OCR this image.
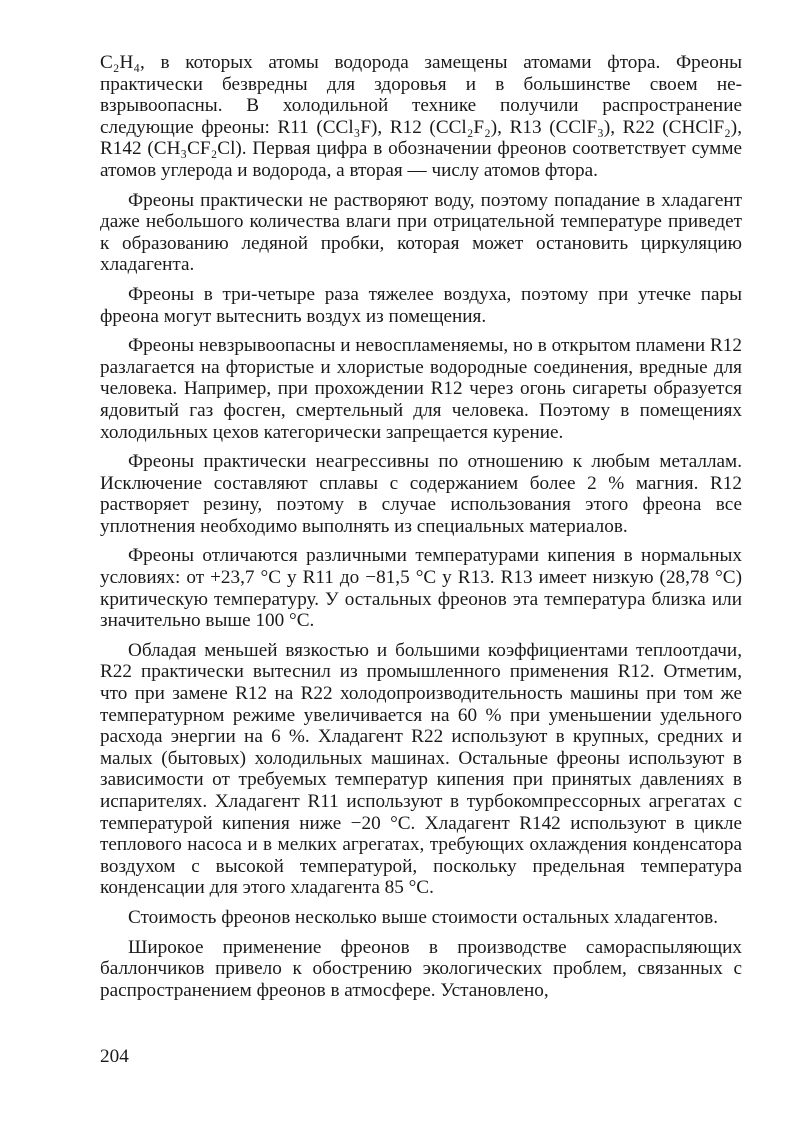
C₂H₄, в которых атомы водорода замещены атомами фтора. Фреоны практически безвредны для здоровья и в большинстве своем невзрывоопасны. В холодильной технике получили распространение следующие фреоны: R11 (CCl₃F), R12 (CCl₂F₂), R13 (CClF₃), R22 (CHClF₂), R142 (CH₃CF₂Cl). Первая цифра в обозначении фреонов соответствует сумме атомов углерода и водорода, а вторая — числу атомов фтора.

Фреоны практически не растворяют воду, поэтому попадание в хладагент даже небольшого количества влаги при отрицательной температуре приведет к образованию ледяной пробки, которая может остановить циркуляцию хладагента.

Фреоны в три-четыре раза тяжелее воздуха, поэтому при утечке пары фреона могут вытеснить воздух из помещения.

Фреоны невзрывоопасны и невоспламеняемы, но в открытом пламени R12 разлагается на фтористые и хлористые водородные соединения, вредные для человека. Например, при прохождении R12 через огонь сигареты образуется ядовитый газ фосген, смертельный для человека. Поэтому в помещениях холодильных цехов категорически запрещается курение.

Фреоны практически неагрессивны по отношению к любым металлам. Исключение составляют сплавы с содержанием более 2 % магния. R12 растворяет резину, поэтому в случае использования этого фреона все уплотнения необходимо выполнять из специальных материалов.

Фреоны отличаются различными температурами кипения в нормальных условиях: от +23,7 °С у R11 до −81,5 °С у R13. R13 имеет низкую (28,78 °С) критическую температуру. У остальных фреонов эта температура близка или значительно выше 100 °С.

Обладая меньшей вязкостью и большими коэффициентами теплоотдачи, R22 практически вытеснил из промышленного применения R12. Отметим, что при замене R12 на R22 холодопроизводительность машины при том же температурном режиме увеличивается на 60 % при уменьшении удельного расхода энергии на 6 %. Хладагент R22 используют в крупных, средних и малых (бытовых) холодильных машинах. Остальные фреоны используют в зависимости от требуемых температур кипения при принятых давлениях в испарителях. Хладагент R11 используют в турбокомпрессорных агрегатах с температурой кипения ниже −20 °С. Хладагент R142 используют в цикле теплового насоса и в мелких агрегатах, требующих охлаждения конденсатора воздухом с высокой температурой, поскольку предельная температура конденсации для этого хладагента 85 °С.

Стоимость фреонов несколько выше стоимости остальных хладагентов.

Широкое применение фреонов в производстве самораспыляющих баллончиков привело к обострению экологических проблем, связанных с распространением фреонов в атмосфере. Установлено,

204
